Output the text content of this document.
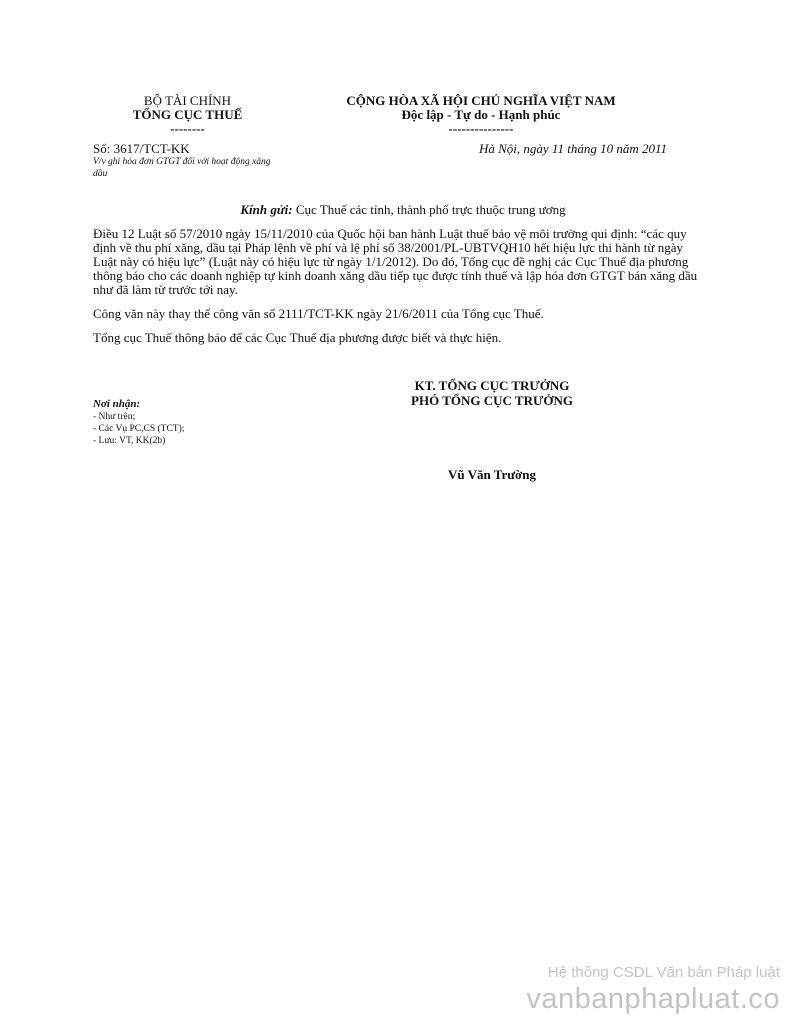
BỘ TÀI CHÍNH
TỔNG CỤC THUẾ
--------
CỘNG HÒA XÃ HỘI CHỦ NGHĨA VIỆT NAM
Độc lập - Tự do - Hạnh phúc
---------------
Số: 3617/TCT-KK
V/v ghi hóa đơn GTGT đối với hoạt động xăng dầu
Hà Nội, ngày 11 tháng 10 năm 2011
Kính gửi: Cục Thuế các tỉnh, thành phố trực thuộc trung ương
Điều 12 Luật số 57/2010 ngày 15/11/2010 của Quốc hội ban hành Luật thuế bảo vệ môi trường qui định: “các quy định về thu phí xăng, dầu tại Pháp lệnh về phí và lệ phí số 38/2001/PL-UBTVQH10 hết hiệu lực thi hành từ ngày Luật này có hiệu lực” (Luật này có hiệu lực từ ngày 1/1/2012). Do đó, Tổng cục đề nghị các Cục Thuế địa phương thông báo cho các doanh nghiệp tự kinh doanh xăng dầu tiếp tục được tính thuế và lập hóa đơn GTGT bán xăng dầu như đã làm từ trước tới nay.
Công văn này thay thế công văn số 2111/TCT-KK ngày 21/6/2011 của Tổng cục Thuế.
Tổng cục Thuế thông báo để các Cục Thuế địa phương được biết và thực hiện.
KT. TỔNG CỤC TRƯỞNG
PHÓ TỔNG CỤC TRƯỞNG
Vũ Văn Trường
Nơi nhận:
- Như trên;
- Các Vụ PC,CS (TCT);
- Lưu: VT, KK(2b)
Hệ thống CSDL Văn bản Pháp luật
vanbanphapluat.co
